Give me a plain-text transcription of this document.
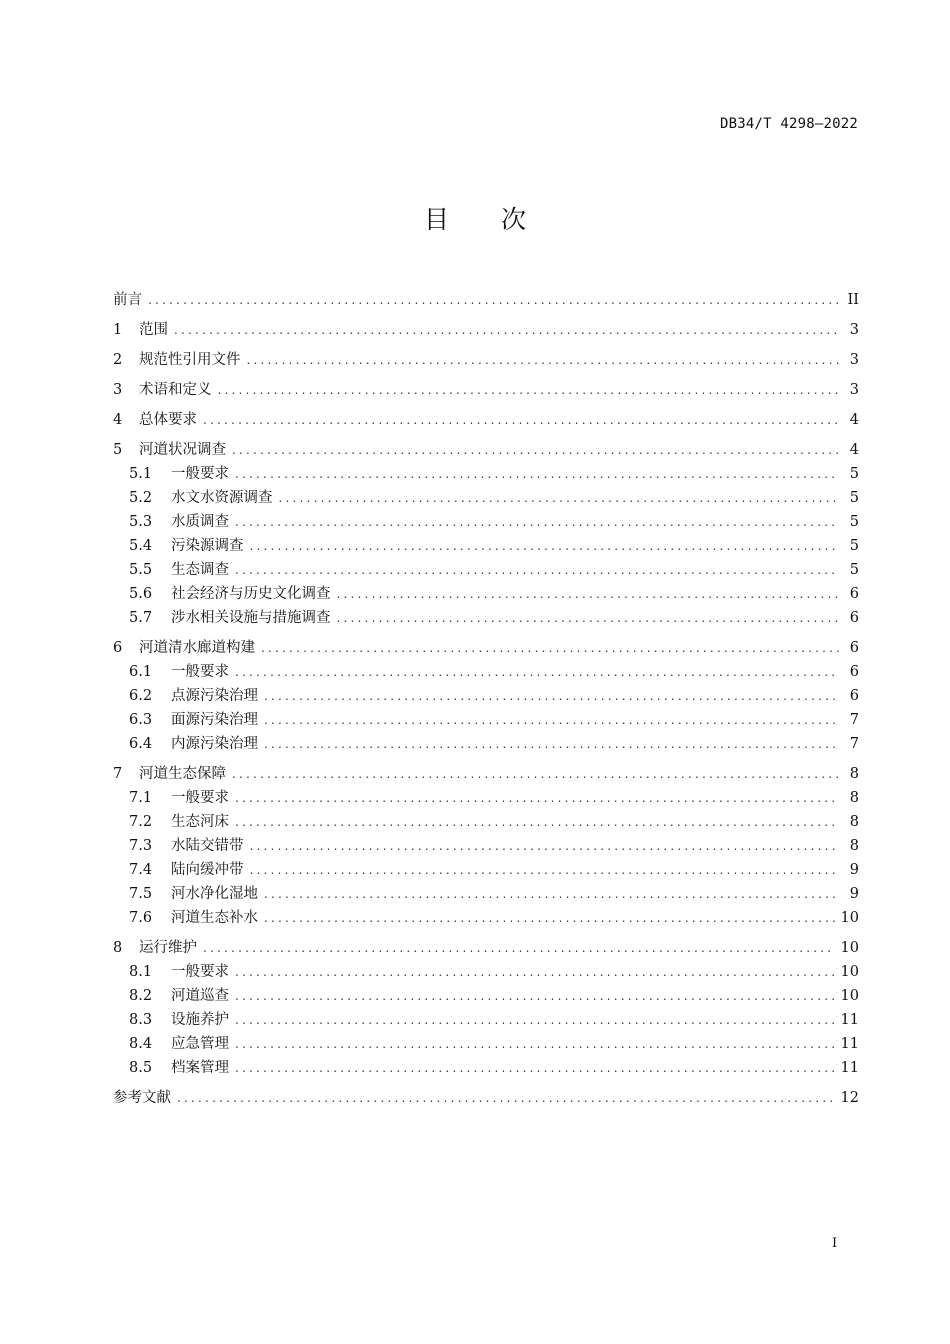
DB34/T 4298—2022
目 次
前言 .....	II
1	范围 .....	3
2	规范性引用文件 .....	3
3	术语和定义 .....	3
4	总体要求 .....	4
5	河道状况调查 .....	4
5.1	一般要求 .....	5
5.2	水文水资源调查 .....	5
5.3	水质调查 .....	5
5.4	污染源调查 .....	5
5.5	生态调查 .....	5
5.6	社会经济与历史文化调查 .....	6
5.7	涉水相关设施与措施调查 .....	6
6	河道清水廊道构建 .....	6
6.1	一般要求 .....	6
6.2	点源污染治理 .....	6
6.3	面源污染治理 .....	7
6.4	内源污染治理 .....	7
7	河道生态保障 .....	8
7.1	一般要求 .....	8
7.2	生态河床 .....	8
7.3	水陆交错带 .....	8
7.4	陆向缓冲带 .....	9
7.5	河水净化湿地 .....	9
7.6	河道生态补水 .....	10
8	运行维护 .....	10
8.1	一般要求 .....	10
8.2	河道巡查 .....	10
8.3	设施养护 .....	11
8.4	应急管理 .....	11
8.5	档案管理 .....	11
参考文献 .....	12
I
